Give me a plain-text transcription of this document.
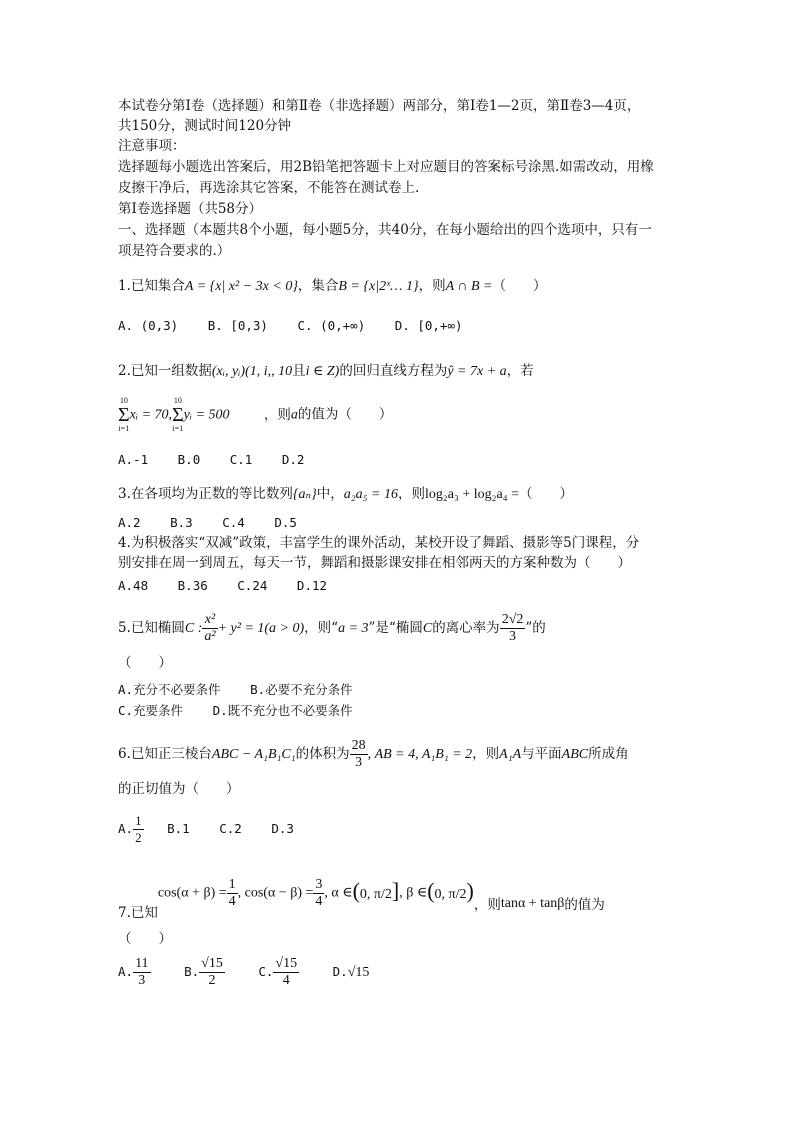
本试卷分第Ⅰ卷（选择题）和第Ⅱ卷（非选择题）两部分，第Ⅰ卷1—2页，第Ⅱ卷3—4页，
共150分，测试时间120分钟
注意事项：
选择题每小题选出答案后，用2B铅笔把答题卡上对应题目的答案标号涂黑.如需改动，用橡
皮擦干净后，再选涂其它答案，不能答在测试卷上.
第Ⅰ卷选择题（共58分）
一、选择题（本题共8个小题，每小题5分，共40分，在每小题给出的四个选项中，只有一
项是符合要求的.）
1.已知集合A = {x| x² − 3x < 0}，集合B = {x|2ˣ… 1}，则A ∩ B =（　　）
A. (0,3) B. [0,3) C. (0,+∞) D. [0,+∞)
2.已知一组数据(xᵢ, yᵢ)(1, i,, 10且i ∈ Z)的回归直线方程为ŷ = 7x + a，若
10
Σ
i=1
xᵢ = 70,
10
Σ
i=1
yᵢ = 500	，则a的值为（　　）
A.-1 B.0 C.1 D.2
3.在各项均为正数的等比数列{aₙ}中，a₂a₅ = 16，则log₂a₃ + log₂a₄ =（　　）
A.2 B.3 C.4 D.5
4.为积极落实“双减”政策，丰富学生的课外活动，某校开设了舞蹈、摄影等5门课程，分
别安排在周一到周五，每天一节，舞蹈和摄影课安排在相邻两天的方案种数为（　　）
A.48 B.36 C.24 D.12
5.已知椭圆C : $\frac{\text{x²}}{\text{a²}} + y^2 = 1(a > 0)$，则“a = 3”是“椭圆C的离心率为 $\frac{2√2}{3}$ ”的
（　　）
A.充分不必要条件 B.必要不充分条件
C.充要条件 D.既不充分也不必要条件
6.已知正三棱台ABC − A₁B₁C₁的体积为 $\frac{28}{3}$ , AB = 4, A₁B₁ = 2，则A₁A与平面ABC所成角
的正切值为（　　）
A. $\frac{1}{2} B.1$ C.2 D.3
7.已知$\cos(\alpha + \beta) = \frac{1}{4}$ , $\cos(\alpha - \beta) = \frac{3}{4}$ , α ∈(0, π/2], β ∈(0, π/2)，则tanα + tanβ的值为
（　　）
A. $\frac{11}{3}$	B. $\frac{√15}{2}$	C. $\frac{√15}{4}$	D.√15
